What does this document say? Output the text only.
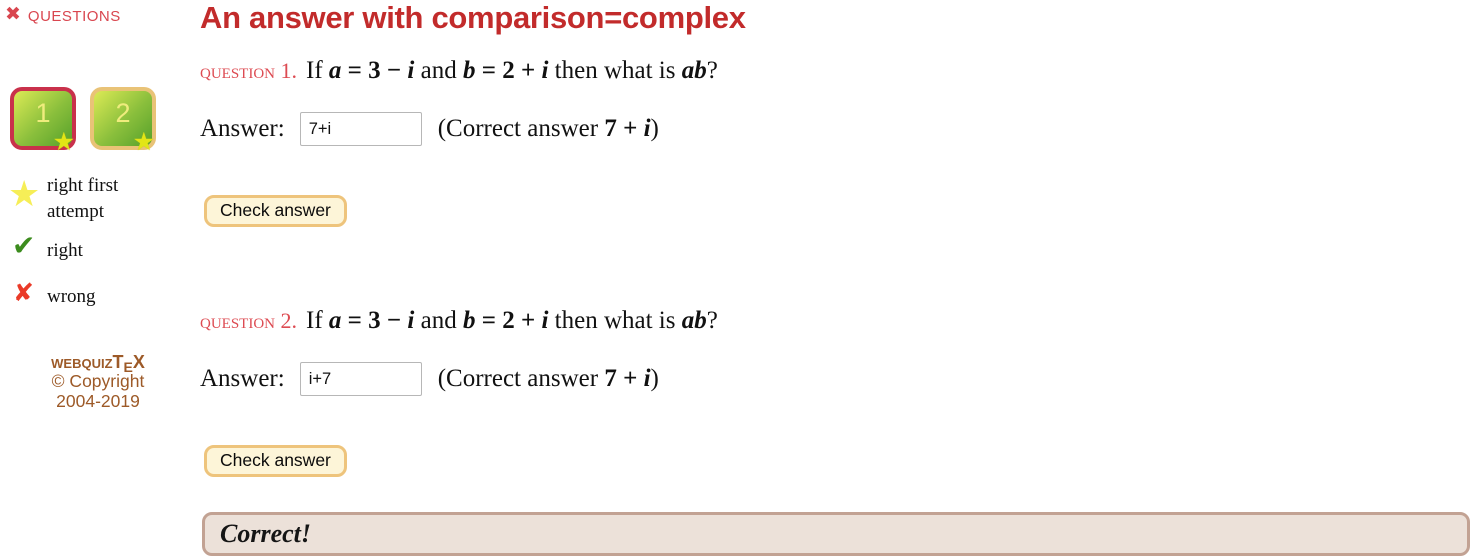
✖ questions
1
★
2
★
★ right first attempt
✔ right
✘ wrong
webquizTEX
© Copyright
2004-2019
An answer with comparison=complex
question 1. If a = 3 − i and b = 2 + i then what is ab?
Answer:
7+i	(Correct answer 7 + i)
Check answer
question 2. If a = 3 − i and b = 2 + i then what is ab?
Answer:
i+7	(Correct answer 7 + i)
Check answer
Correct!
